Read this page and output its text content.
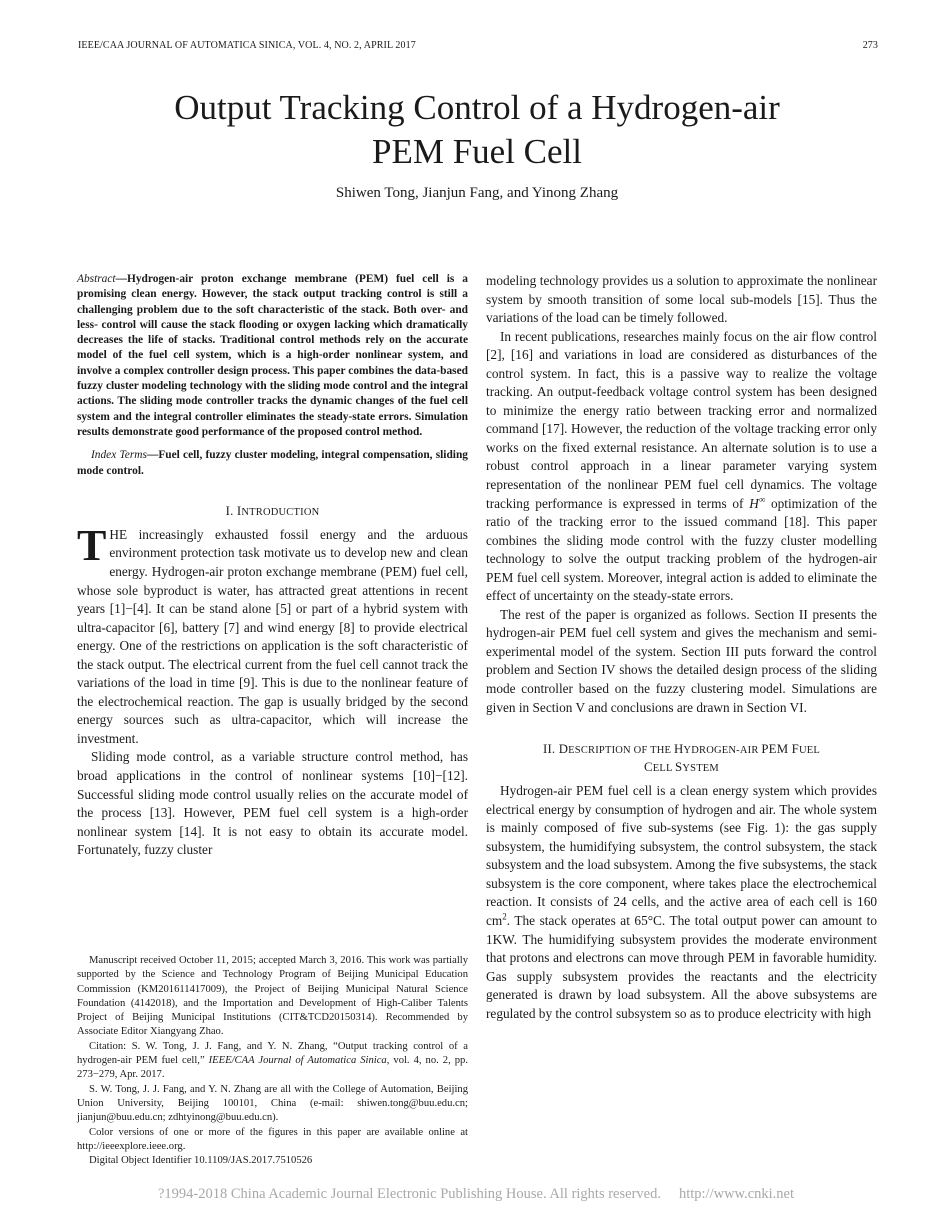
IEEE/CAA JOURNAL OF AUTOMATICA SINICA, VOL. 4, NO. 2, APRIL 2017	273
Output Tracking Control of a Hydrogen-air
PEM Fuel Cell
Shiwen Tong, Jianjun Fang, and Yinong Zhang

Abstract—Hydrogen-air proton exchange membrane (PEM) fuel cell is a promising clean energy. However, the stack output tracking control is still a challenging problem due to the soft characteristic of the stack. Both over- and less- control will cause the stack flooding or oxygen lacking which dramatically decreases the life of stacks. Traditional control methods rely on the accurate model of the fuel cell system, which is a high-order nonlinear system, and involve a complex controller design process. This paper combines the data-based fuzzy cluster modeling technology with the sliding mode control and the integral actions. The sliding mode controller tracks the dynamic changes of the fuel cell system and the integral controller eliminates the steady-state errors. Simulation results demonstrate good performance of the proposed control method.

Index Terms—Fuel cell, fuzzy cluster modeling, integral compensation, sliding mode control.

I. INTRODUCTION

THE increasingly exhausted fossil energy and the arduous environment protection task motivate us to develop new and clean energy. Hydrogen-air proton exchange membrane (PEM) fuel cell, whose sole byproduct is water, has attracted great attentions in recent years [1]−[4]. It can be stand alone [5] or part of a hybrid system with ultra-capacitor [6], battery [7] and wind energy [8] to provide electrical energy. One of the restrictions on application is the soft characteristic of the stack output. The electrical current from the fuel cell cannot track the variations of the load in time [9]. This is due to the nonlinear feature of the electrochemical reaction. The gap is usually bridged by the second energy sources such as ultra-capacitor, which will increase the investment.

Sliding mode control, as a variable structure control method, has broad applications in the control of nonlinear systems [10]−[12]. Successful sliding mode control usually relies on the accurate model of the process [13]. However, PEM fuel cell system is a high-order nonlinear system [14]. It is not easy to obtain its accurate model. Fortunately, fuzzy cluster

Manuscript received October 11, 2015; accepted March 3, 2016. This work was partially supported by the Science and Technology Program of Beijing Municipal Education Commission (KM201611417009), the Project of Beijing Municipal Natural Science Foundation (4142018), and the Importation and Development of High-Caliber Talents Project of Beijing Municipal Institutions (CIT&TCD20150314). Recommended by Associate Editor Xiangyang Zhao.

Citation: S. W. Tong, J. J. Fang, and Y. N. Zhang, “Output tracking control of a hydrogen-air PEM fuel cell,” IEEE/CAA Journal of Automatica Sinica, vol. 4, no. 2, pp. 273−279, Apr. 2017.

S. W. Tong, J. J. Fang, and Y. N. Zhang are all with the College of Automation, Beijing Union University, Beijing 100101, China (e-mail: shiwen.tong@buu.edu.cn; jianjun@buu.edu.cn; zdhtyinong@buu.edu.cn).

Color versions of one or more of the figures in this paper are available online at http://ieeexplore.ieee.org.

Digital Object Identifier 10.1109/JAS.2017.7510526

modeling technology provides us a solution to approximate the nonlinear system by smooth transition of some local sub-models [15]. Thus the variations of the load can be timely followed.

In recent publications, researches mainly focus on the air flow control [2], [16] and variations in load are considered as disturbances of the control system. In fact, this is a passive way to realize the voltage tracking. An output-feedback voltage control system has been designed to minimize the energy ratio between tracking error and normalized command [17]. However, the reduction of the voltage tracking error only works on the fixed external resistance. An alternate solution is to use a robust control approach in a linear parameter varying system representation of the nonlinear PEM fuel cell dynamics. The voltage tracking performance is expressed in terms of H∞ optimization of the ratio of the tracking error to the issued command [18]. This paper combines the sliding mode control with the fuzzy cluster modelling technology to solve the output tracking problem of the hydrogen-air PEM fuel cell system. Moreover, integral action is added to eliminate the effect of uncertainty on the steady-state errors.

The rest of the paper is organized as follows. Section II presents the hydrogen-air PEM fuel cell system and gives the mechanism and semi-experimental model of the system. Section III puts forward the control problem and Section IV shows the detailed design process of the sliding mode controller based on the fuzzy clustering model. Simulations are given in Section V and conclusions are drawn in Section VI.

II. DESCRIPTION OF THE HYDROGEN-AIR PEM FUEL
CELL SYSTEM

Hydrogen-air PEM fuel cell is a clean energy system which provides electrical energy by consumption of hydrogen and air. The whole system is mainly composed of five sub-systems (see Fig. 1): the gas supply subsystem, the humidifying subsystem, the control subsystem, the stack subsystem and the load subsystem. Among the five subsystems, the stack subsystem is the core component, where takes place the electrochemical reaction. It consists of 24 cells, and the active area of each cell is 160 $cm^2$. The stack operates at 65°C. The total output power can amount to 1KW. The humidifying subsystem provides the moderate environment that protons and electrons can move through PEM in favorable humidity. Gas supply subsystem provides the reactants and the electricity generated is drawn by load subsystem. All the above subsystems are regulated by the control subsystem so as to produce electricity with high

?1994-2018 China Academic Journal Electronic Publishing House. All rights reserved. http://www.cnki.net
